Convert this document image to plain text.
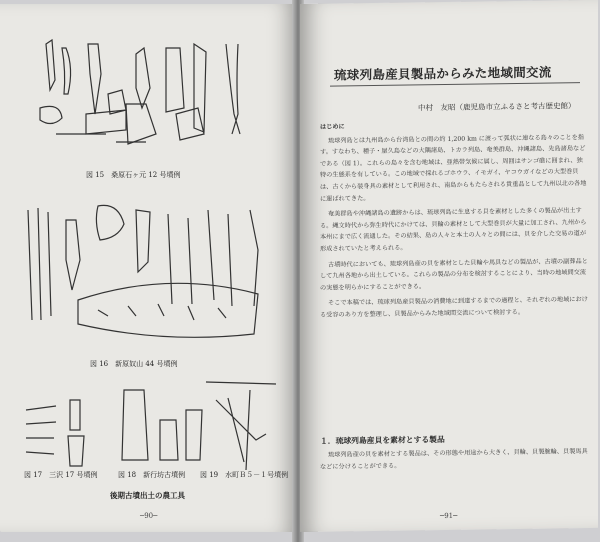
図 15　桑原石ヶ元 12 号墳例
図 16　新原奴山 44 号墳例
図 17　三沢 17 号墳例	図 18　新行坊古墳例 図 19　水町Ｂ５－１号墳例
後期古墳出土の農工具
─90─
琉球列島産貝製品からみた地域間交流
中村　友昭（鹿児島市立ふるさと考古歴史館）
はじめに

琉球列島とは九州島から台湾島との間の約 1,200 km に渡って弧状に連なる島々のことを指す。すなわち、種子・屋久島などの大隅諸島、トカラ列島、奄美群島、沖縄諸島、先島諸島などである（図 1）。これらの島々を含む地域は、亜熱帯気候に属し、周囲はサンゴ礁に囲まれ、独特の生態系を有している。この地域で採れるゴホウラ、イモガイ、ヤコウガイなどの大型巻貝は、古くから装身具の素材として利用され、南島からもたらされる貴重品として九州以北の各地に運ばれてきた。

奄美群島や沖縄諸島の遺跡からは、琉球列島に生息する貝を素材とした多くの製品が出土する。縄文時代から弥生時代にかけては、貝輪の素材として大型巻貝が大量に加工され、九州から本州にまで広く流通した。その結果、島の人々と本土の人々との間には、貝を介した交易の道が形成されていたと考えられる。

古墳時代においても、琉球列島産の貝を素材とした貝輪や馬具などの製品が、古墳の副葬品として九州各地から出土している。これらの製品の分布を検討することにより、当時の地域間交流の実態を明らかにすることができる。

そこで本稿では、琉球列島産貝製品の消費地に到達するまでの過程と、それぞれの地域における受容のあり方を整理し、貝製品からみた地域間交流について検討する。

１．琉球列島産貝を素材とする製品

琉球列島産の貝を素材とする製品は、その形態や用途から大きく、貝輪、貝製腕輪、貝製馬具などに分けることができる。

─91─
